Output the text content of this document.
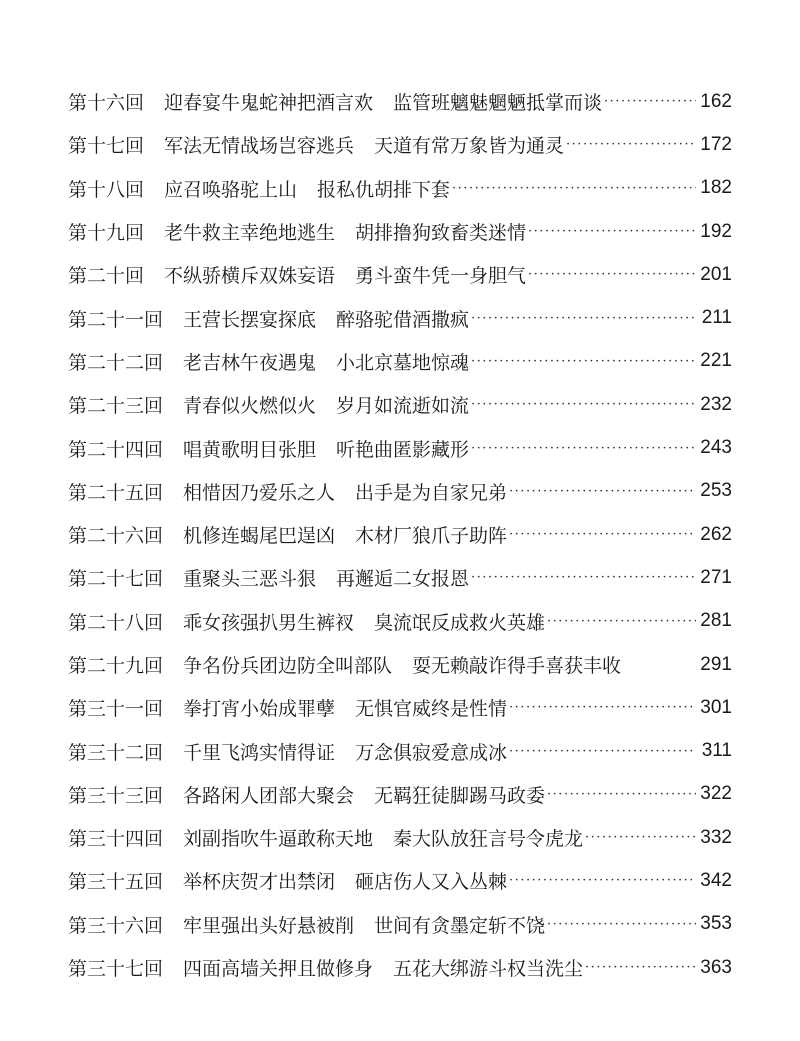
第十六回 迎春宴牛鬼蛇神把酒言欢 监管班魑魅魍魉抵掌而谈 ·····	162
第十七回 军法无情战场岂容逃兵 天道有常万象皆为通灵 ·····	172
第十八回 应召唤骆驼上山 报私仇胡排下套 ·····	182
第十九回 老牛救主幸绝地逃生 胡排撸狗致畜类迷情 ·····	192
第二十回 不纵骄横斥双姝妄语 勇斗蛮牛凭一身胆气 ·····	201
第二十一回 王营长摆宴探底 醉骆驼借酒撒疯 ·····	211
第二十二回 老吉林午夜遇鬼 小北京墓地惊魂 ·····	221
第二十三回 青春似火燃似火 岁月如流逝如流 ·····	232
第二十四回 唱黄歌明目张胆 听艳曲匿影藏形 ·····	243
第二十五回 相惜因乃爱乐之人 出手是为自家兄弟 ·····	253
第二十六回 机修连蝎尾巴逞凶 木材厂狼爪子助阵 ·····	262
第二十七回 重聚头三恶斗狠 再邂逅二女报恩 ·····	271
第二十八回 乖女孩强扒男生裤衩 臭流氓反成救火英雄 ·····	281
第二十九回 争名份兵团边防全叫部队 耍无赖敲诈得手喜获丰收	291
第三十一回 拳打宵小始成罪孽 无惧官威终是性情 ·····	301
第三十二回 千里飞鸿实情得证 万念俱寂爱意成冰 ·····	311
第三十三回 各路闲人团部大聚会 无羁狂徒脚踢马政委 ·····	322
第三十四回 刘副指吹牛逼敢称天地 秦大队放狂言号令虎龙 ·····	332
第三十五回 举杯庆贺才出禁闭 砸店伤人又入丛棘 ·····	342
第三十六回 牢里强出头好悬被削 世间有贪墨定斩不饶 ·····	353
第三十七回 四面高墙关押且做修身 五花大绑游斗权当洗尘 ·····	363
